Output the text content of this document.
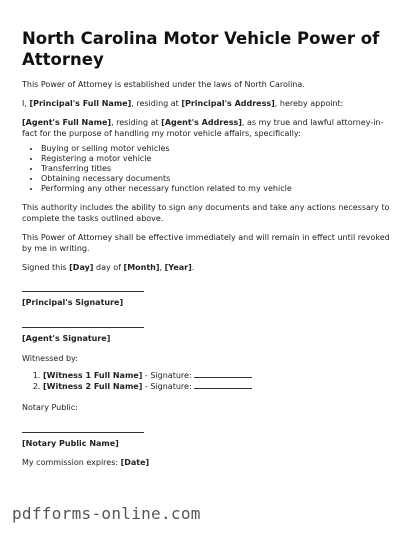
North Carolina Motor Vehicle Power of Attorney

This Power of Attorney is established under the laws of North Carolina.

I, [Principal's Full Name], residing at [Principal's Address], hereby appoint:

[Agent's Full Name], residing at [Agent's Address], as my true and lawful attorney-in-fact for the purpose of handling my motor vehicle affairs, specifically:

• Buying or selling motor vehicles
• Registering a motor vehicle
• Transferring titles
• Obtaining necessary documents
• Performing any other necessary function related to my vehicle

This authority includes the ability to sign any documents and take any actions necessary to complete the tasks outlined above.

This Power of Attorney shall be effective immediately and will remain in effect until revoked by me in writing.

Signed this [Day] day of [Month], [Year].

[Principal's Signature]
[Agent's Signature]

Witnessed by:

1. [Witness 1 Full Name] - Signature:
2. [Witness 2 Full Name] - Signature:

Notary Public:

[Notary Public Name]

My commission expires: [Date]

pdfforms-online.com
